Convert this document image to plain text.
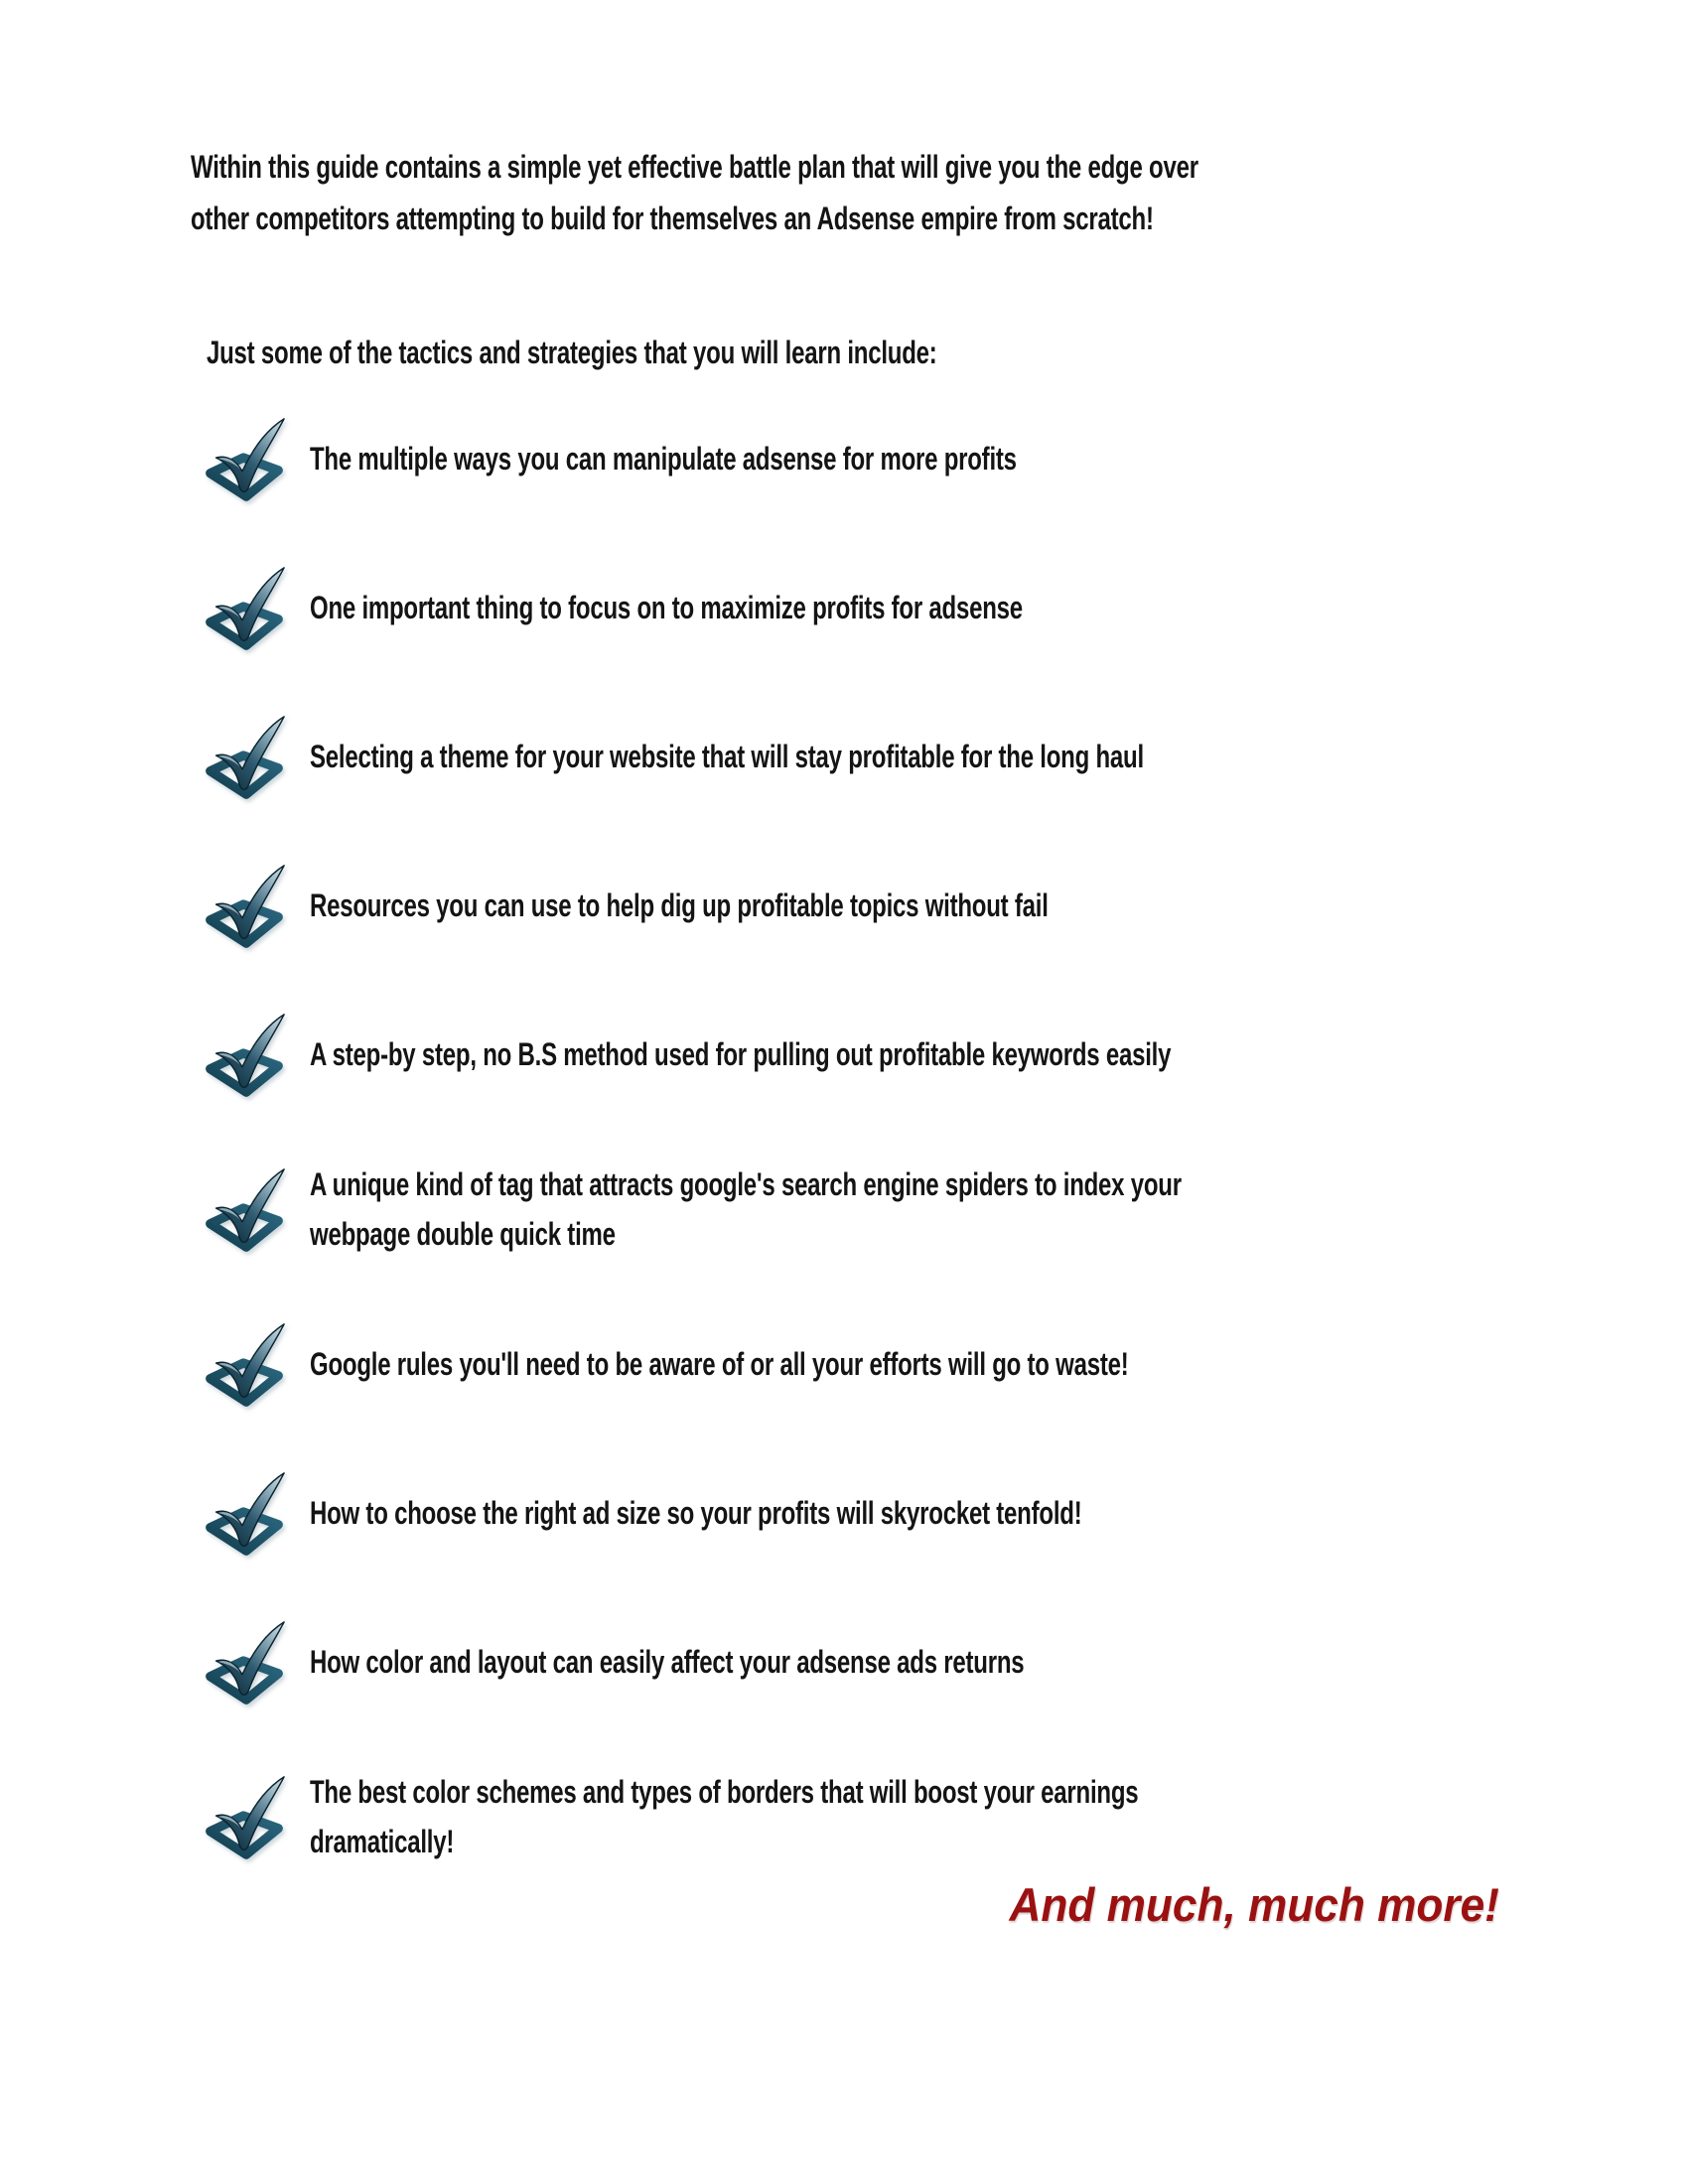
Within this guide contains a simple yet effective battle plan that will give you the edge over
other competitors attempting to build for themselves an Adsense empire from scratch!
Just some of the tactics and strategies that you will learn include:
The multiple ways you can manipulate adsense for more profits
One important thing to focus on to maximize profits for adsense
Selecting a theme for your website that will stay profitable for the long haul
Resources you can use to help dig up profitable topics without fail
A step-by step, no B.S method used for pulling out profitable keywords easily
A unique kind of tag that attracts google's search engine spiders to index your
webpage double quick time
Google rules you'll need to be aware of or all your efforts will go to waste!
How to choose the right ad size so your profits will skyrocket tenfold!
How color and layout can easily affect your adsense ads returns
The best color schemes and types of borders that will boost your earnings
dramatically!
And much, much more!
